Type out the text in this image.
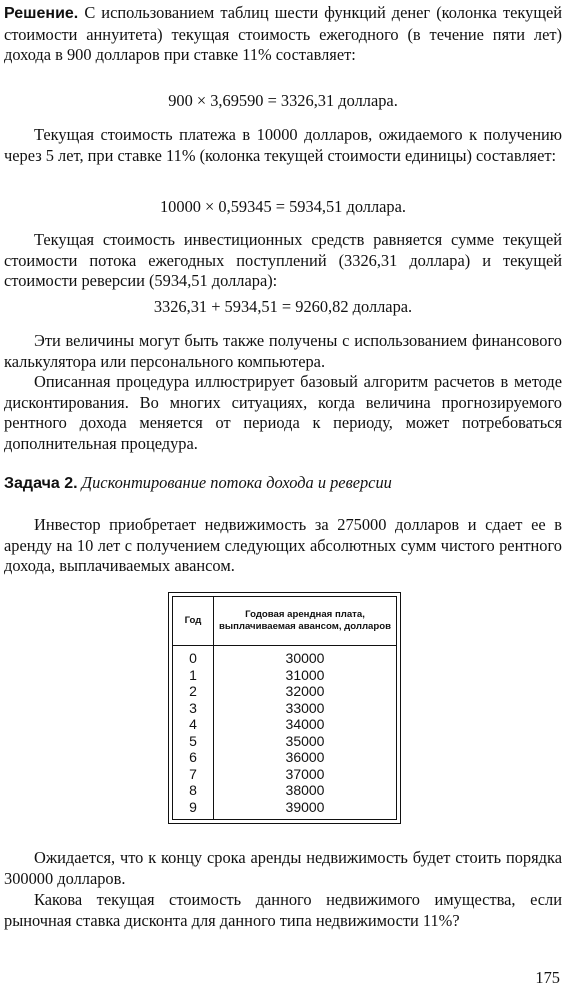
Решение. С использованием таблиц шести функций денег (колонка текущей стоимости аннуитета) текущая стоимость ежегодного (в течение пяти лет) дохода в 900 долларов при ставке 11% составляет:
900 × 3,69590 = 3326,31 доллара.
Текущая стоимость платежа в 10000 долларов, ожидаемого к получению через 5 лет, при ставке 11% (колонка текущей стоимости единицы) составляет:
10000 × 0,59345 = 5934,51 доллара.
Текущая стоимость инвестиционных средств равняется сумме текущей стоимости потока ежегодных поступлений (3326,31 доллара) и текущей стоимости реверсии (5934,51 доллара):
3326,31 + 5934,51 = 9260,82 доллара.
Эти величины могут быть также получены с использованием финансового калькулятора или персонального компьютера.
Описанная процедура иллюстрирует базовый алгоритм расчетов в методе дисконтирования. Во многих ситуациях, когда величина прогнозируемого рентного дохода меняется от периода к периоду, может потребоваться дополнительная процедура.
Задача 2. Дисконтирование потока дохода и реверсии
Инвестор приобретает недвижимость за 275000 долларов и сдает ее в аренду на 10 лет с получением следующих абсолютных сумм чистого рентного дохода, выплачиваемых авансом.
Год	Годовая арендная плата, выплачиваемая авансом, долларов
0	30000
1	31000
2	32000
3	33000
4	34000
5	35000
6	36000
7	37000
8	38000
9	39000
Ожидается, что к концу срока аренды недвижимость будет стоить порядка 300000 долларов.
Какова текущая стоимость данного недвижимого имущества, если рыночная ставка дисконта для данного типа недвижимости 11%?
175
